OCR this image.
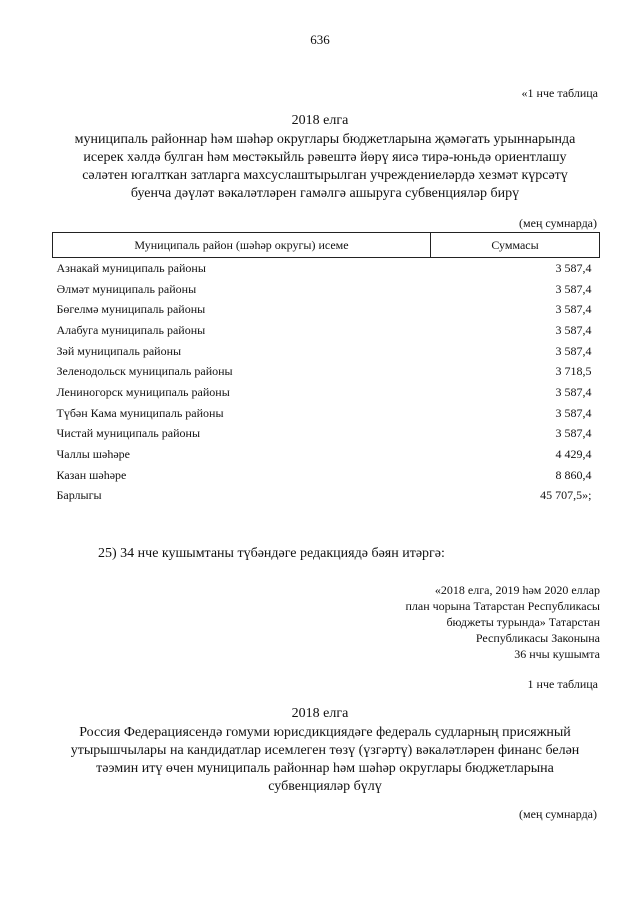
636
«1 нче таблица
2018 елга
муниципаль районнар һәм шәһәр округлары бюджетларына җәмәгать урыннарында
исерек хәлдә булган һәм мөстәкыйль рәвештә йөрү яисә тирә-юньдә ориентлашу
сәләтен югалткан затларга махсуслаштырылган учреждениеләрдә хезмәт күрсәтү
буенча дәүләт вәкаләтләрен гамәлгә ашыруга субвенцияләр бирү
(мең сумнарда)
Муниципаль район (шәһәр округы) исеме	Суммасы
Азнакай муниципаль районы	3 587,4
Әлмәт муниципаль районы	3 587,4
Бөгелмә муниципаль районы	3 587,4
Алабуга муниципаль районы	3 587,4
Зәй муниципаль районы	3 587,4
Зеленодольск муниципаль районы	3 718,5
Лениногорск муниципаль районы	3 587,4
Түбән Кама муниципаль районы	3 587,4
Чистай муниципаль районы	3 587,4
Чаллы шәһәре	4 429,4
Казан шәһәре	8 860,4
Барлыгы	45 707,5»;
25) 34 нче кушымтаны түбәндәге редакциядә бәян итәргә:
«2018 елга, 2019 һәм 2020 еллар
план чорына Татарстан Республикасы
бюджеты турында» Татарстан
Республикасы Законына
36 нчы кушымта
1 нче таблица
2018 елга
Россия Федерациясендә гомуми юрисдикциядәге федераль судларның присяжный
утырышчылары на кандидатлар исемлеген төзү (үзгәртү) вәкаләтләрен финанс белән
тәэмин итү өчен муниципаль районнар һәм шәһәр округлары бюджетларына
субвенцияләр бүлү
(мең сумнарда)
